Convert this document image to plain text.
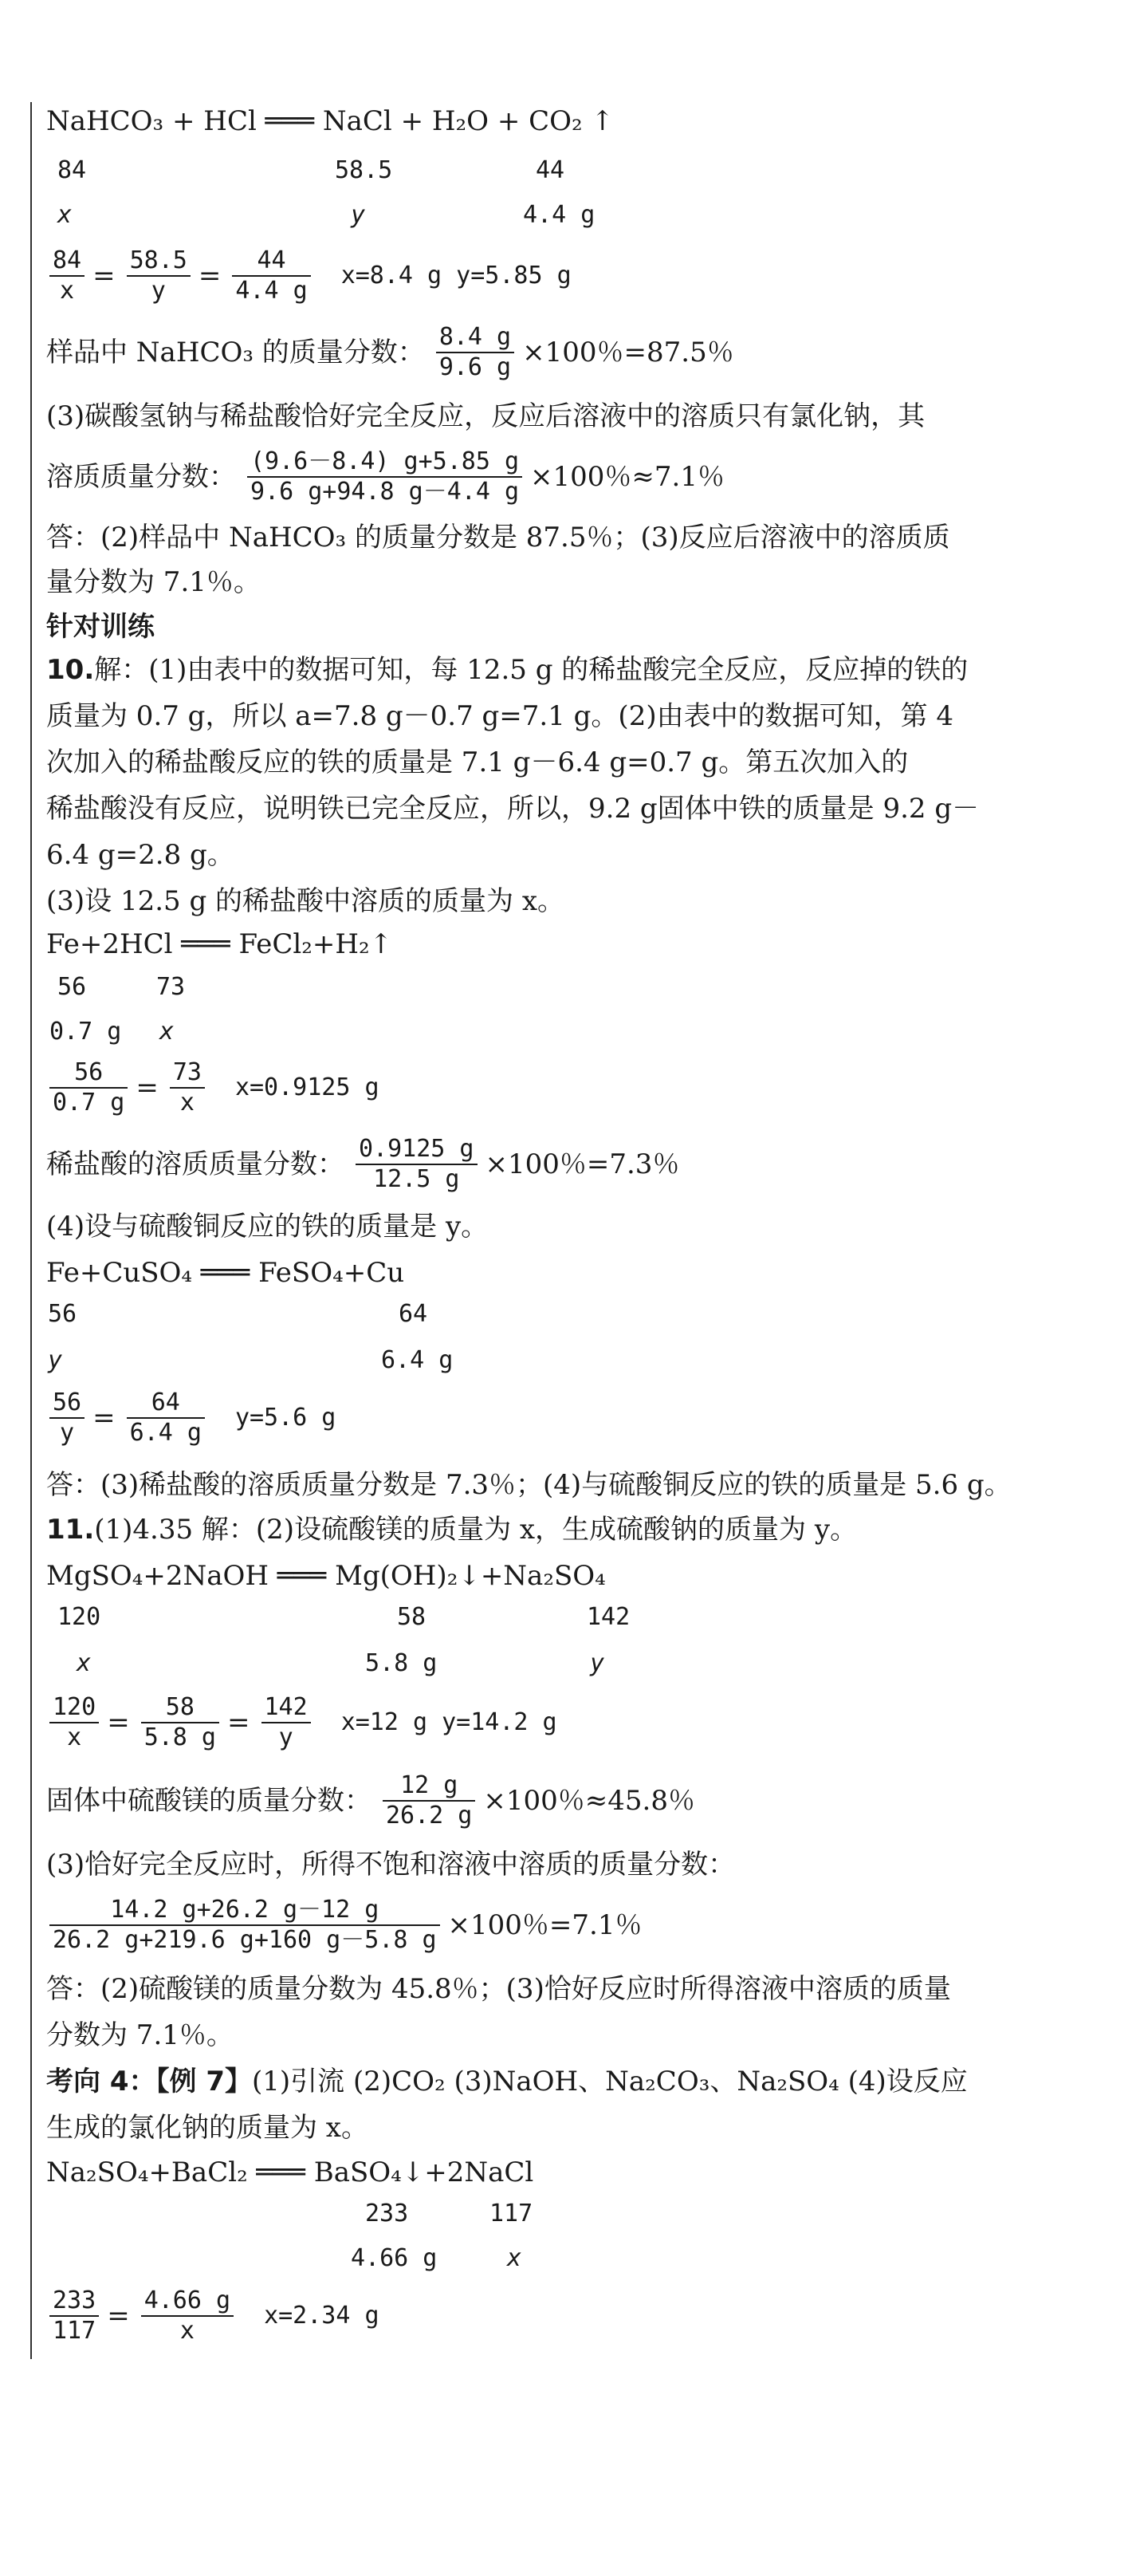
NaHCO₃ + HCl ═══ NaCl + H₂O + CO₂ ↑
84	58.5	44
x	y	4.4 g
$\frac{84}{x} = \frac{58.5}{y} = \frac{44}{4.4 g} x=8.4$ g y=5.85 g
样品中 NaHCO₃ 的质量分数： $\frac{8.4 g}{9.6 g} \times 100$％=87.5％
(3)碳酸氢钠与稀盐酸恰好完全反应，反应后溶液中的溶质只有氯化钠，其
溶质质量分数： $\frac{(9.6-8.4) g+5.85 g}{9.6 g+94.8 g-4.4 g} \times 100$％≈7.1％
答：(2)样品中 NaHCO₃ 的质量分数是 87.5％；(3)反应后溶液中的溶质质
量分数为 7.1％。
针对训练
10.解：(1)由表中的数据可知，每 12.5 g 的稀盐酸完全反应，反应掉的铁的
质量为 0.7 g，所以 a=7.8 g－0.7 g=7.1 g。(2)由表中的数据可知，第 4
次加入的稀盐酸反应的铁的质量是 7.1 g－6.4 g=0.7 g。第五次加入的
稀盐酸没有反应，说明铁已完全反应，所以，9.2 g固体中铁的质量是 9.2 g－
6.4 g=2.8 g。
(3)设 12.5 g 的稀盐酸中溶质的质量为 x。
Fe+2HCl ═══ FeCl₂+H₂↑
56	73
0.7 g x
$\frac{56}{0.7 g} = \frac{73}{x} x=0.9125$ g
稀盐酸的溶质质量分数： $\frac{0.9125 g}{12.5 g} \times 100$％=7.3％
(4)设与硫酸铜反应的铁的质量是 y。
Fe+CuSO₄ ═══ FeSO₄+Cu
56	64
y	6.4 g
$\frac{56}{y} = \frac{64}{6.4 g} y=5.6$ g
答：(3)稀盐酸的溶质质量分数是 7.3％；(4)与硫酸铜反应的铁的质量是 5.6 g。
11.(1)4.35 解：(2)设硫酸镁的质量为 x，生成硫酸钠的质量为 y。
MgSO₄+2NaOH ═══ Mg(OH)₂↓+Na₂SO₄
120	58	142
x	5.8 g	y
$\frac{120}{x} = \frac{58}{5.8 g} = \frac{142}{y} x=12$ g y=14.2 g
固体中硫酸镁的质量分数： $\frac{12 g}{26.2 g} \times 100$％≈45.8％
(3)恰好完全反应时，所得不饱和溶液中溶质的质量分数：
$\frac{14.2 g+26.2 g-12 g}{26.2 g+219.6 g+160 g-5.8 g} \times 100$％=7.1％
答：(2)硫酸镁的质量分数为 45.8％；(3)恰好反应时所得溶液中溶质的质量
分数为 7.1％。
考向 4：【例 7】(1)引流 (2)CO₂ (3)NaOH、Na₂CO₃、Na₂SO₄ (4)设反应
生成的氯化钠的质量为 x。
Na₂SO₄+BaCl₂ ═══ BaSO₄↓+2NaCl
233	117
4.66 g	x
$\frac{233}{117} = \frac{4.66 g}{x} x=2.34$ g
